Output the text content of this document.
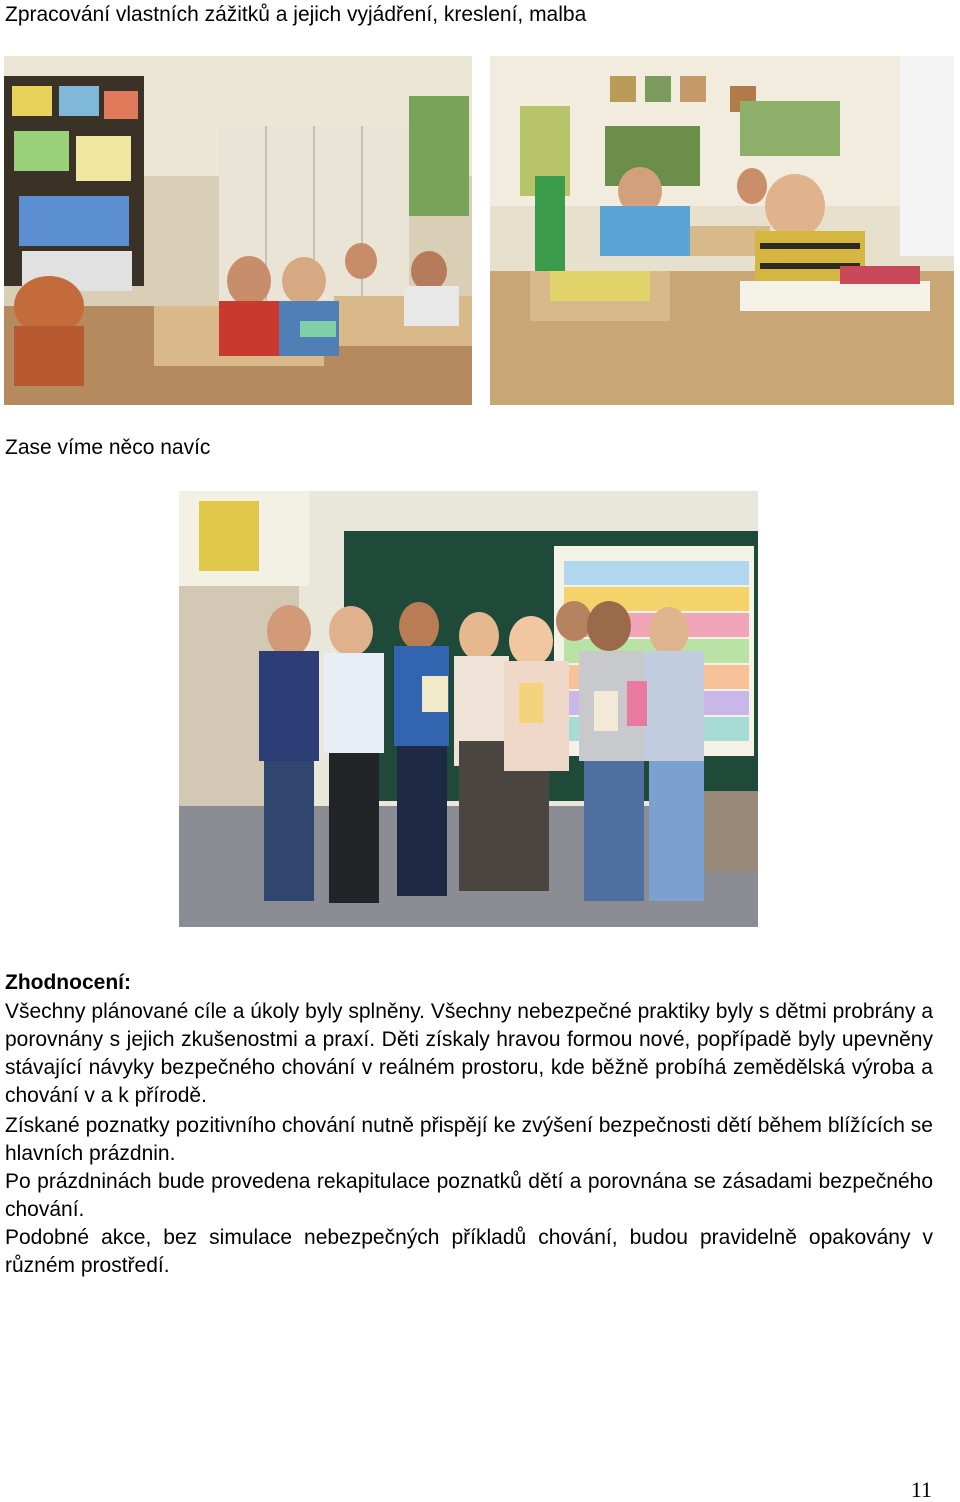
Zpracování vlastních zážitků a jejich vyjádření, kreslení, malba
Zase víme něco navíc
Zhodnocení:

Všechny plánované cíle a úkoly byly splněny. Všechny nebezpečné praktiky byly s dětmi probrány a porovnány s jejich zkušenostmi a praxí. Děti získaly hravou formou nové, popřípadě byly upevněny stávající návyky bezpečného chování v reálném prostoru, kde běžně probíhá zemědělská výroba a chování v a k přírodě.

Získané poznatky pozitivního chování nutně přispějí ke zvýšení bezpečnosti dětí během blížících se hlavních prázdnin.

Po prázdninách bude provedena rekapitulace poznatků dětí a porovnána se zásadami bezpečného chování.

Podobné akce, bez simulace nebezpečných příkladů chování, budou pravidelně opakovány v různém prostředí.

11
